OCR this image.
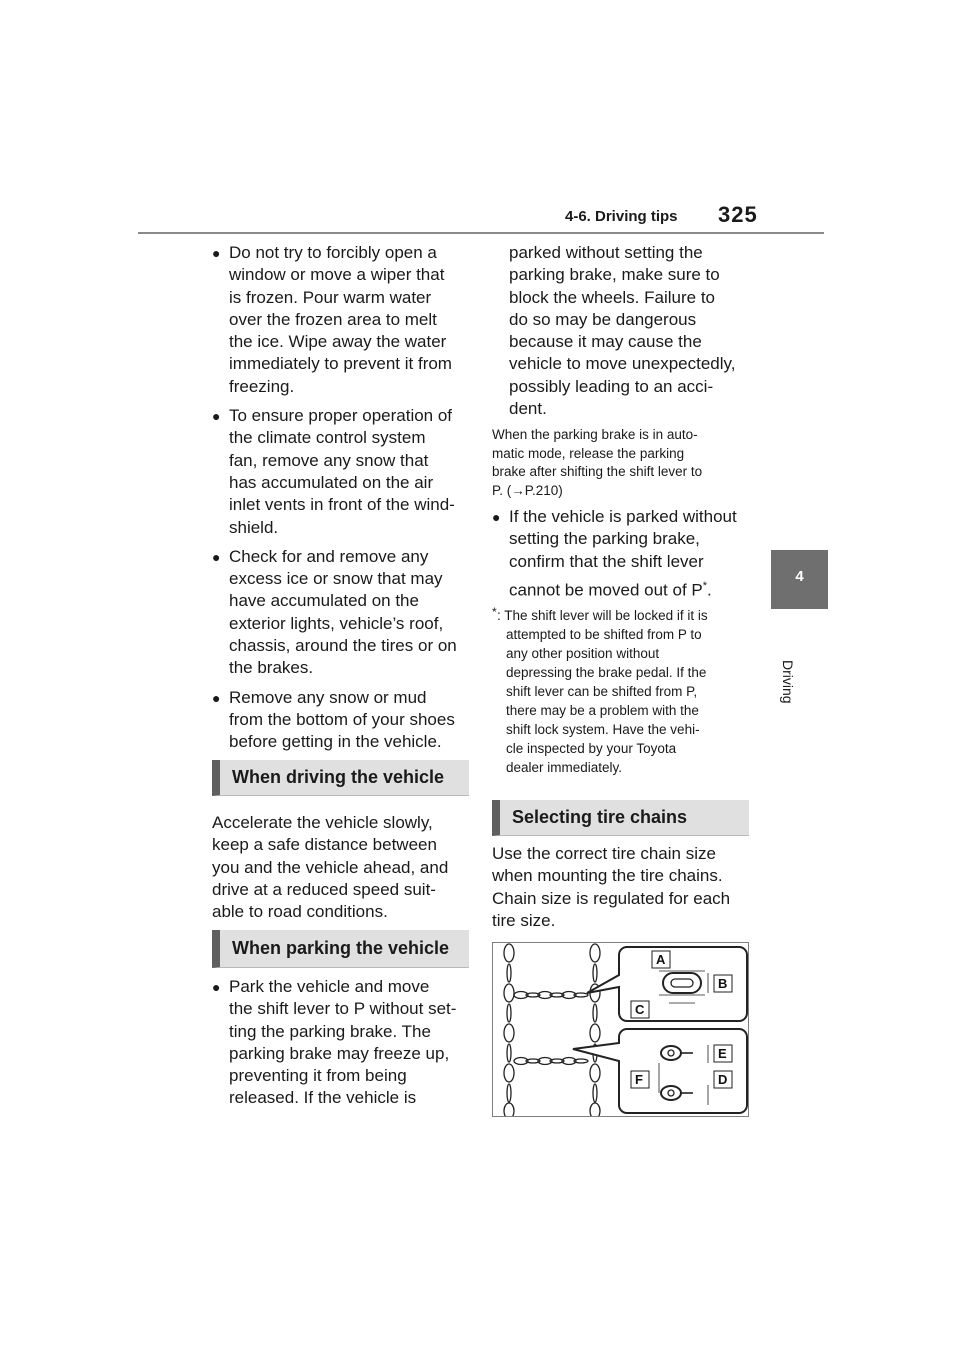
4-6. Driving tips 325
4
Driving
● Do not try to forcibly open a
window or move a wiper that
is frozen. Pour warm water
over the frozen area to melt
the ice. Wipe away the water
immediately to prevent it from
freezing.
● To ensure proper operation of
the climate control system
fan, remove any snow that
has accumulated on the air
inlet vents in front of the wind-
shield.
● Check for and remove any
excess ice or snow that may
have accumulated on the
exterior lights, vehicle’s roof,
chassis, around the tires or on
the brakes.
● Remove any snow or mud
from the bottom of your shoes
before getting in the vehicle.
When driving the vehicle
Accelerate the vehicle slowly,
keep a safe distance between
you and the vehicle ahead, and
drive at a reduced speed suit-
able to road conditions.
When parking the vehicle
● Park the vehicle and move
the shift lever to P without set-
ting the parking brake. The
parking brake may freeze up,
preventing it from being
released. If the vehicle is
parked without setting the
parking brake, make sure to
block the wheels. Failure to
do so may be dangerous
because it may cause the
vehicle to move unexpectedly,
possibly leading to an acci-
dent.
When the parking brake is in auto-
matic mode, release the parking
brake after shifting the shift lever to
P. (→P.210)
● If the vehicle is parked without
setting the parking brake,
confirm that the shift lever
cannot be moved out of P*.
* : The shift lever will be locked if it is
attempted to be shifted from P to
any other position without
depressing the brake pedal. If the
shift lever can be shifted from P,
there may be a problem with the
shift lock system. Have the vehi-
cle inspected by your Toyota
dealer immediately.
Selecting tire chains
Use the correct tire chain size
when mounting the tire chains.
Chain size is regulated for each
tire size.
A
B
C
E
F	D
